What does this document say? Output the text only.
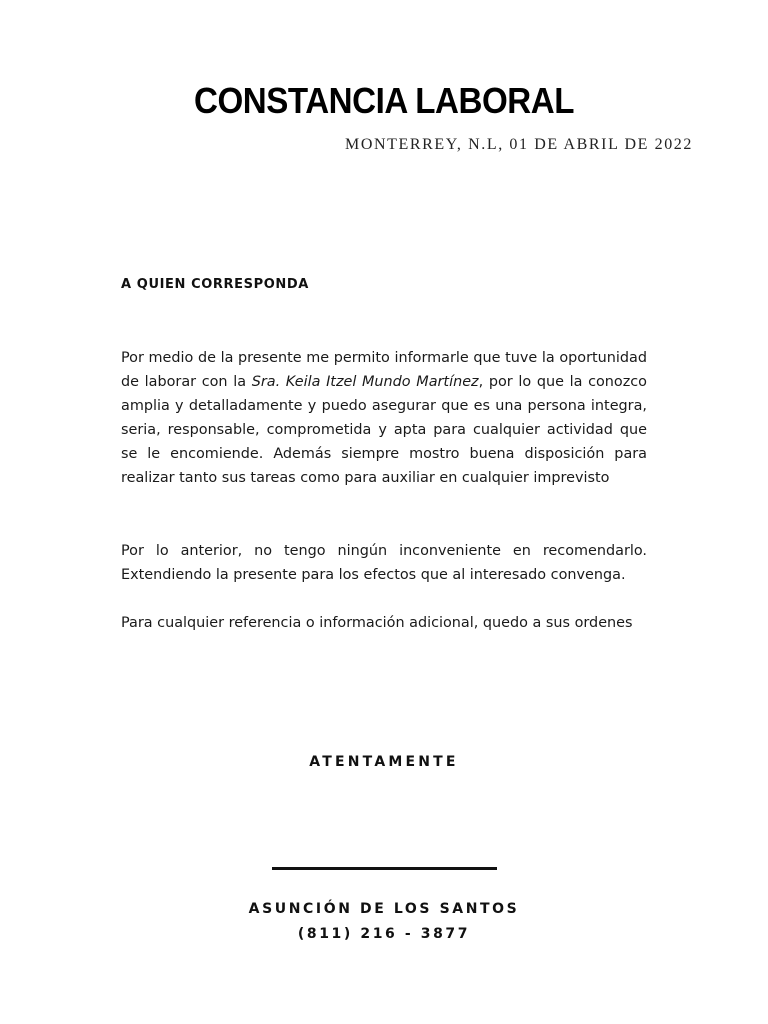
CONSTANCIA LABORAL

MONTERREY, N.L, 01 DE ABRIL DE 2022

A QUIEN CORRESPONDA

Por medio de la presente me permito informarle que tuve la oportunidad de laborar con la Sra. Keila Itzel Mundo Martínez, por lo que la conozco amplia y detalladamente y puedo asegurar que es una persona integra, seria, responsable, comprometida y apta para cualquier actividad que se le encomiende. Además siempre mostro buena disposición para realizar tanto sus tareas como para auxiliar en cualquier imprevisto

Por lo anterior, no tengo ningún inconveniente en recomendarlo. Extendiendo la presente para los efectos que al interesado convenga.

Para cualquier referencia o información adicional, quedo a sus ordenes

ATENTAMENTE

ASUNCIÓN DE LOS SANTOS

(811) 216 - 3877
